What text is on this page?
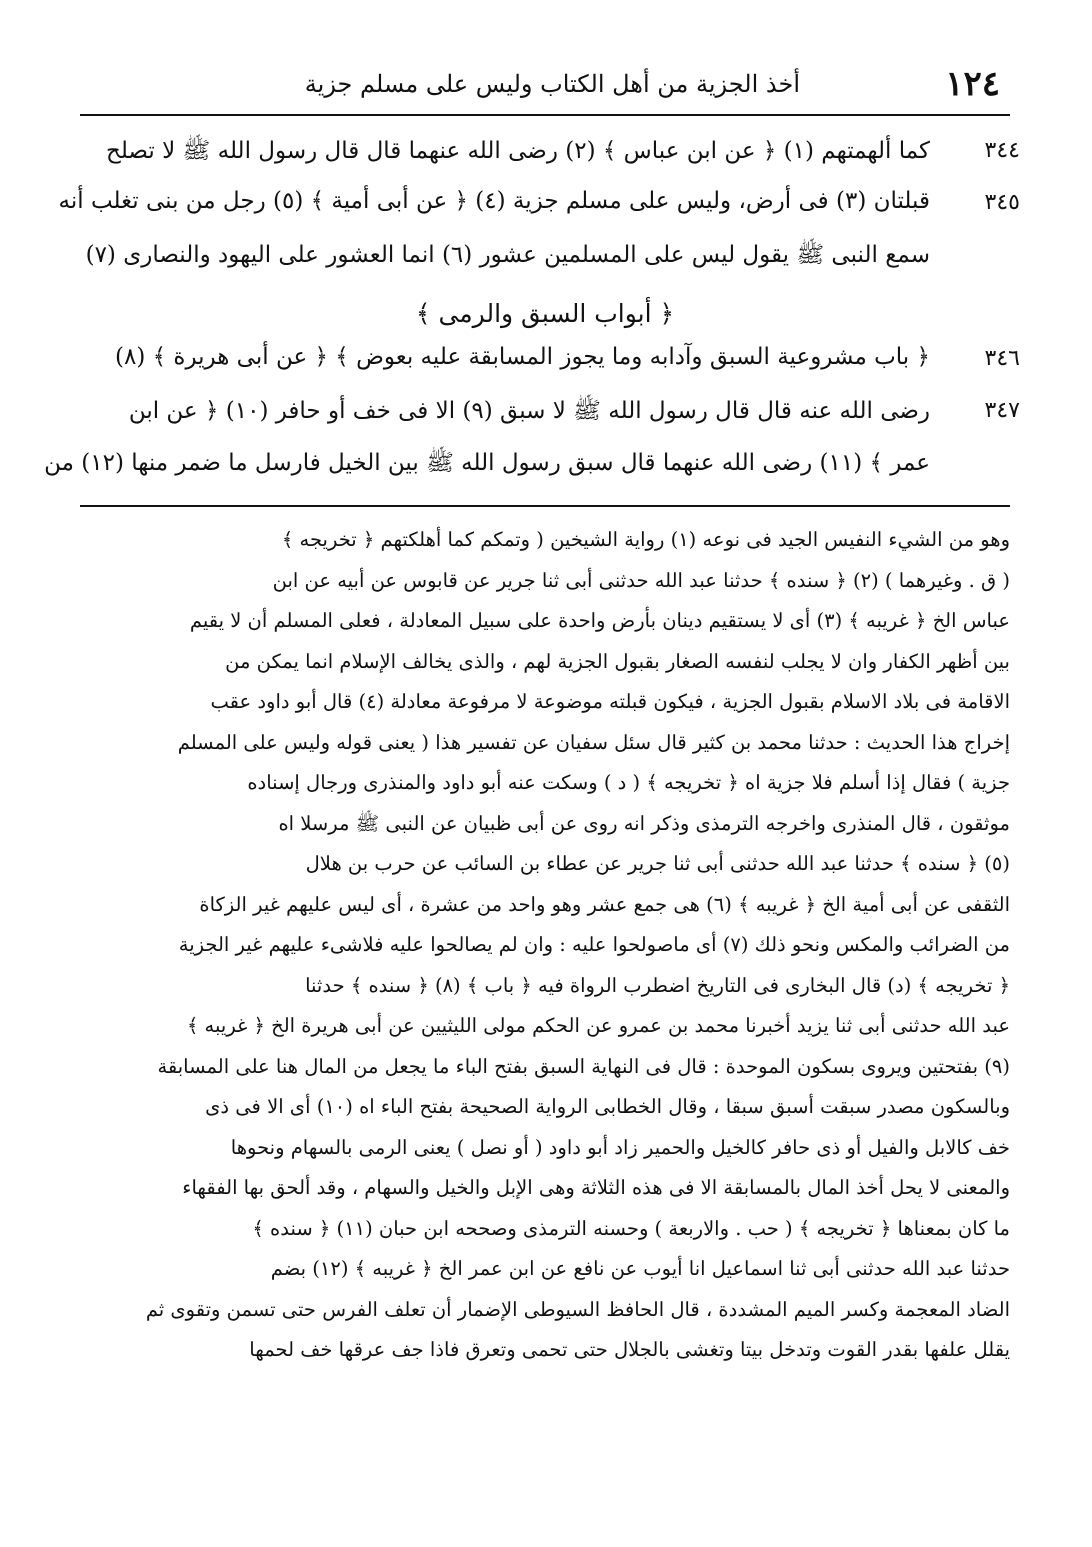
١٢٤
أخذ الجزية من أهل الكتاب وليس على مسلم جزية
٣٤٤
كما ألهمتهم (١) ﴿ عن ابن عباس ﴾ (٢) رضى الله عنهما قال قال رسول الله ﷺ لا تصلح
٣٤٥
قبلتان (٣) فى أرض، وليس على مسلم جزية (٤) ﴿ عن أبى أمية ﴾ (٥) رجل من بنى تغلب أنه
سمع النبى ﷺ يقول ليس على المسلمين عشور (٦) انما العشور على اليهود والنصارى (٧)
﴿ أبواب السبق والرمى ﴾
٣٤٦
﴿ باب مشروعية السبق وآدابه وما يجوز المسابقة عليه بعوض ﴾ ﴿ عن أبى هريرة ﴾ (٨)
٣٤٧
رضى الله عنه قال قال رسول الله ﷺ لا سبق (٩) الا فى خف أو حافر (١٠) ﴿ عن ابن
عمر ﴾ (١١) رضى الله عنهما قال سبق رسول الله ﷺ بين الخيل فارسل ما ضمر منها (١٢) من
وهو من الشيء النفيس الجيد فى نوعه (١) رواية الشيخين ( وتمكم كما أهلكتهم ﴿ تخريجه ﴾
( ق . وغيرهما ) (٢) ﴿ سنده ﴾ حدثنا عبد الله حدثنى أبى ثنا جرير عن قابوس عن أبيه عن ابن
عباس الخ ﴿ غريبه ﴾ (٣) أى لا يستقيم دينان بأرض واحدة على سبيل المعادلة ، فعلى المسلم أن لا يقيم
بين أظهر الكفار وان لا يجلب لنفسه الصغار بقبول الجزية لهم ، والذى يخالف الإسلام انما يمكن من
الاقامة فى بلاد الاسلام بقبول الجزية ، فيكون قبلته موضوعة لا مرفوعة معادلة (٤) قال أبو داود عقب
إخراج هذا الحديث : حدثنا محمد بن كثير قال سئل سفيان عن تفسير هذا ( يعنى قوله وليس على المسلم
جزية ) فقال إذا أسلم فلا جزية اه ﴿ تخريجه ﴾ ( د ) وسكت عنه أبو داود والمنذرى ورجال إسناده
موثقون ، قال المنذرى واخرجه الترمذى وذكر انه روى عن أبى ظبيان عن النبى ﷺ مرسلا اه
(٥) ﴿ سنده ﴾ حدثنا عبد الله حدثنى أبى ثنا جرير عن عطاء بن السائب عن حرب بن هلال
الثقفى عن أبى أمية الخ ﴿ غريبه ﴾ (٦) هى جمع عشر وهو واحد من عشرة ، أى ليس عليهم غير الزكاة
من الضرائب والمكس ونحو ذلك (٧) أى ماصولحوا عليه : وان لم يصالحوا عليه فلاشىء عليهم غير الجزية
﴿ تخريجه ﴾ (د) قال البخارى فى التاريخ اضطرب الرواة فيه ﴿ باب ﴾ (٨) ﴿ سنده ﴾ حدثنا
عبد الله حدثنى أبى ثنا يزيد أخبرنا محمد بن عمرو عن الحكم مولى الليثيين عن أبى هريرة الخ ﴿ غريبه ﴾
(٩) بفتحتين ويروى بسكون الموحدة : قال فى النهاية السبق بفتح الباء ما يجعل من المال هنا على المسابقة
وبالسكون مصدر سبقت أسبق سبقا ، وقال الخطابى الرواية الصحيحة بفتح الباء اه (١٠) أى الا فى ذى
خف كالابل والفيل أو ذى حافر كالخيل والحمير زاد أبو داود ( أو نصل ) يعنى الرمى بالسهام ونحوها
والمعنى لا يحل أخذ المال بالمسابقة الا فى هذه الثلاثة وهى الإبل والخيل والسهام ، وقد ألحق بها الفقهاء
ما كان بمعناها ﴿ تخريجه ﴾ ( حب . والاربعة ) وحسنه الترمذى وصححه ابن حبان (١١) ﴿ سنده ﴾
حدثنا عبد الله حدثنى أبى ثنا اسماعيل انا أيوب عن نافع عن ابن عمر الخ ﴿ غريبه ﴾ (١٢) بضم
الضاد المعجمة وكسر الميم المشددة ، قال الحافظ السيوطى الإضمار أن تعلف الفرس حتى تسمن وتقوى ثم
يقلل علفها بقدر القوت وتدخل بيتا وتغشى بالجلال حتى تحمى وتعرق فاذا جف عرقها خف لحمها
